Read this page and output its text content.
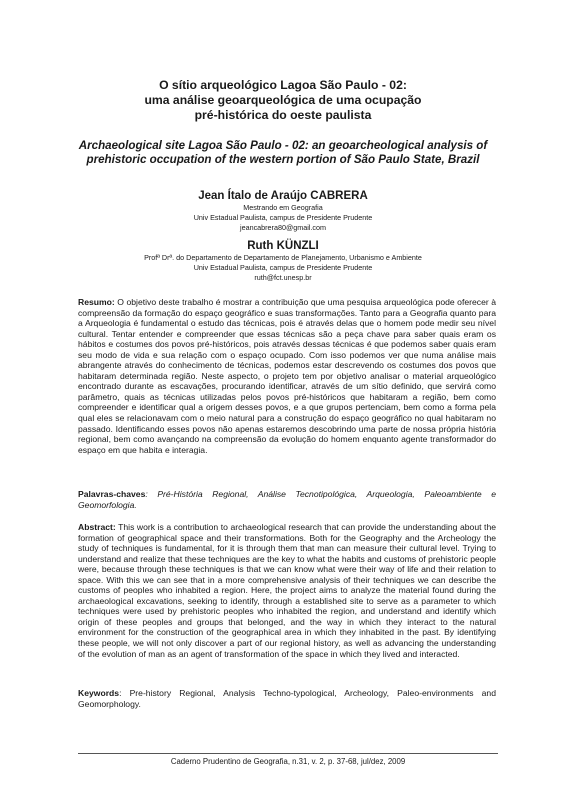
O sítio arqueológico Lagoa São Paulo - 02:
uma análise geoarqueológica de uma ocupação
pré-histórica do oeste paulista
Archaeological site Lagoa São Paulo - 02: an geoarcheological analysis of
prehistoric occupation of the western portion of São Paulo State, Brazil
Jean Ítalo de Araújo CABRERA
Mestrando em Geografia
Univ Estadual Paulista, campus de Presidente Prudente
jeancabrera80@gmail.com
Ruth KÜNZLI
Profª Drª. do Departamento de Departamento de Planejamento, Urbanismo e Ambiente
Univ Estadual Paulista, campus de Presidente Prudente
ruth@fct.unesp.br
Resumo: O objetivo deste trabalho é mostrar a contribuição que uma pesquisa arqueológica pode oferecer à compreensão da formação do espaço geográfico e suas transformações. Tanto para a Geografia quanto para a Arqueologia é fundamental o estudo das técnicas, pois é através delas que o homem pode medir seu nível cultural. Tentar entender e compreender que essas técnicas são a peça chave para saber quais eram os hábitos e costumes dos povos pré-históricos, pois através dessas técnicas é que podemos saber quais eram seu modo de vida e sua relação com o espaço ocupado. Com isso podemos ver que numa análise mais abrangente através do conhecimento de técnicas, podemos estar descrevendo os costumes dos povos que habitaram determinada região. Neste aspecto, o projeto tem por objetivo analisar o material arqueológico encontrado durante as escavações, procurando identificar, através de um sítio definido, que servirá como parâmetro, quais as técnicas utilizadas pelos povos pré-históricos que habitaram a região, bem como compreender e identificar qual a origem desses povos, e a que grupos pertenciam, bem como a forma pela qual eles se relacionavam com o meio natural para a construção do espaço geográfico no qual habitaram no passado. Identificando esses povos não apenas estaremos descobrindo uma parte de nossa própria história regional, bem como avançando na compreensão da evolução do homem enquanto agente transformador do espaço em que habita e interagia.
Palavras-chaves: Pré-História Regional, Análise Tecnotipológica, Arqueologia, Paleoambiente e Geomorfologia.
Abstract: This work is a contribution to archaeological research that can provide the understanding about the formation of geographical space and their transformations. Both for the Geography and the Archeology the study of techniques is fundamental, for it is through them that man can measure their cultural level. Trying to understand and realize that these techniques are the key to what the habits and customs of prehistoric people were, because through these techniques is that we can know what were their way of life and their relation to space. With this we can see that in a more comprehensive analysis of their techniques we can describe the customs of peoples who inhabited a region. Here, the project aims to analyze the material found during the archaeological excavations, seeking to identify, through a established site to serve as a parameter to which techniques were used by prehistoric peoples who inhabited the region, and understand and identify which origin of these peoples and groups that belonged, and the way in which they interact to the natural environment for the construction of the geographical area in which they inhabited in the past. By identifying these people, we will not only discover a part of our regional history, as well as advancing the understanding of the evolution of man as an agent of transformation of the space in which they lived and interacted.
Keywords: Pre-history Regional, Analysis Techno-typological, Archeology, Paleo-environments and Geomorphology.
Caderno Prudentino de Geografia, n.31, v. 2, p. 37-68, jul/dez, 2009
